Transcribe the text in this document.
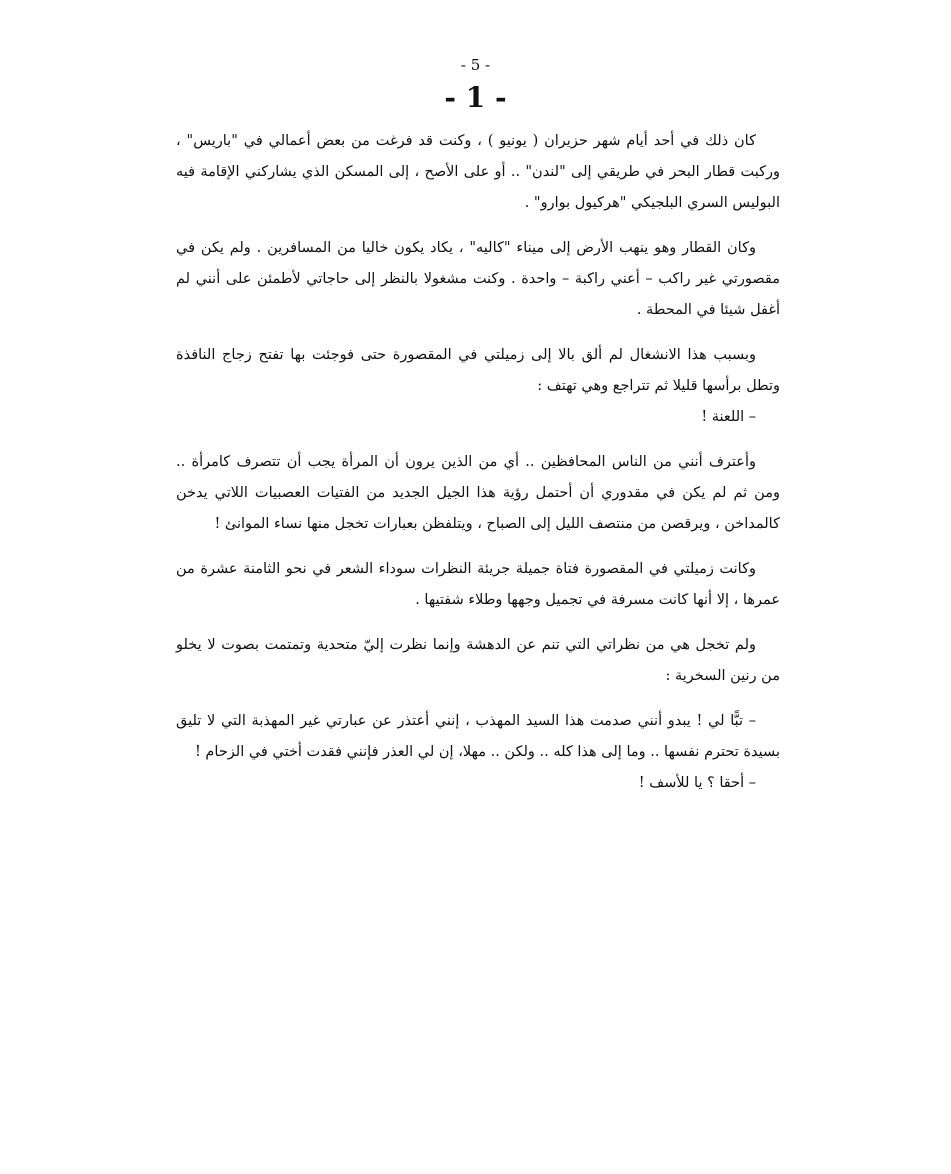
- 5 -
- 1 -

كان ذلك في أحد أيام شهر حزيران ( يونيو ) ، وكنت قد فرغت من بعض أعمالي في "باريس" ، وركبت قطار البحر في طريقي إلى "لندن" .. أو على الأصح ، إلى المسكن الذي يشاركني الإقامة فيه البوليس السري البلجيكي "هركيول بوارو" .

وكان القطار وهو ينهب الأرض إلى ميناء "كاليه" ، يكاد يكون خاليا من المسافرين . ولم يكن في مقصورتي غير راكب – أعني راكبة – واحدة . وكنت مشغولا بالنظر إلى حاجاتي لأطمئن على أنني لم أغفل شيئا في المحطة .

وبسبب هذا الانشغال لم ألق بالا إلى زميلتي في المقصورة حتى فوجئت بها تفتح زجاج النافذة وتطل برأسها قليلا ثم تتراجع وهي تهتف :

– اللعنة !

وأعترف أنني من الناس المحافظين .. أي من الذين يرون أن المرأة يجب أن تتصرف كامرأة .. ومن ثم لم يكن في مقدوري أن أحتمل رؤية هذا الجيل الجديد من الفتيات العصبيات اللاتي يدخن كالمداخن ، ويرقصن من منتصف الليل إلى الصباح ، ويتلفظن بعبارات تخجل منها نساء الموانئ !

وكانت زميلتي في المقصورة فتاة جميلة جريئة النظرات سوداء الشعر في نحو الثامنة عشرة من عمرها ، إلا أنها كانت مسرفة في تجميل وجهها وطلاء شفتيها .

ولم تخجل هي من نظراتي التي تنم عن الدهشة وإنما نظرت إليّ متحدية وتمتمت بصوت لا يخلو من رنين السخرية :

– تبًّا لي ! يبدو أنني صدمت هذا السيد المهذب ، إنني أعتذر عن عبارتي غير المهذبة التي لا تليق بسيدة تحترم نفسها .. وما إلى هذا كله .. ولكن .. مهلا، إن لي العذر فإنني فقدت أختي في الزحام !

– أحقا ؟ يا للأسف !
